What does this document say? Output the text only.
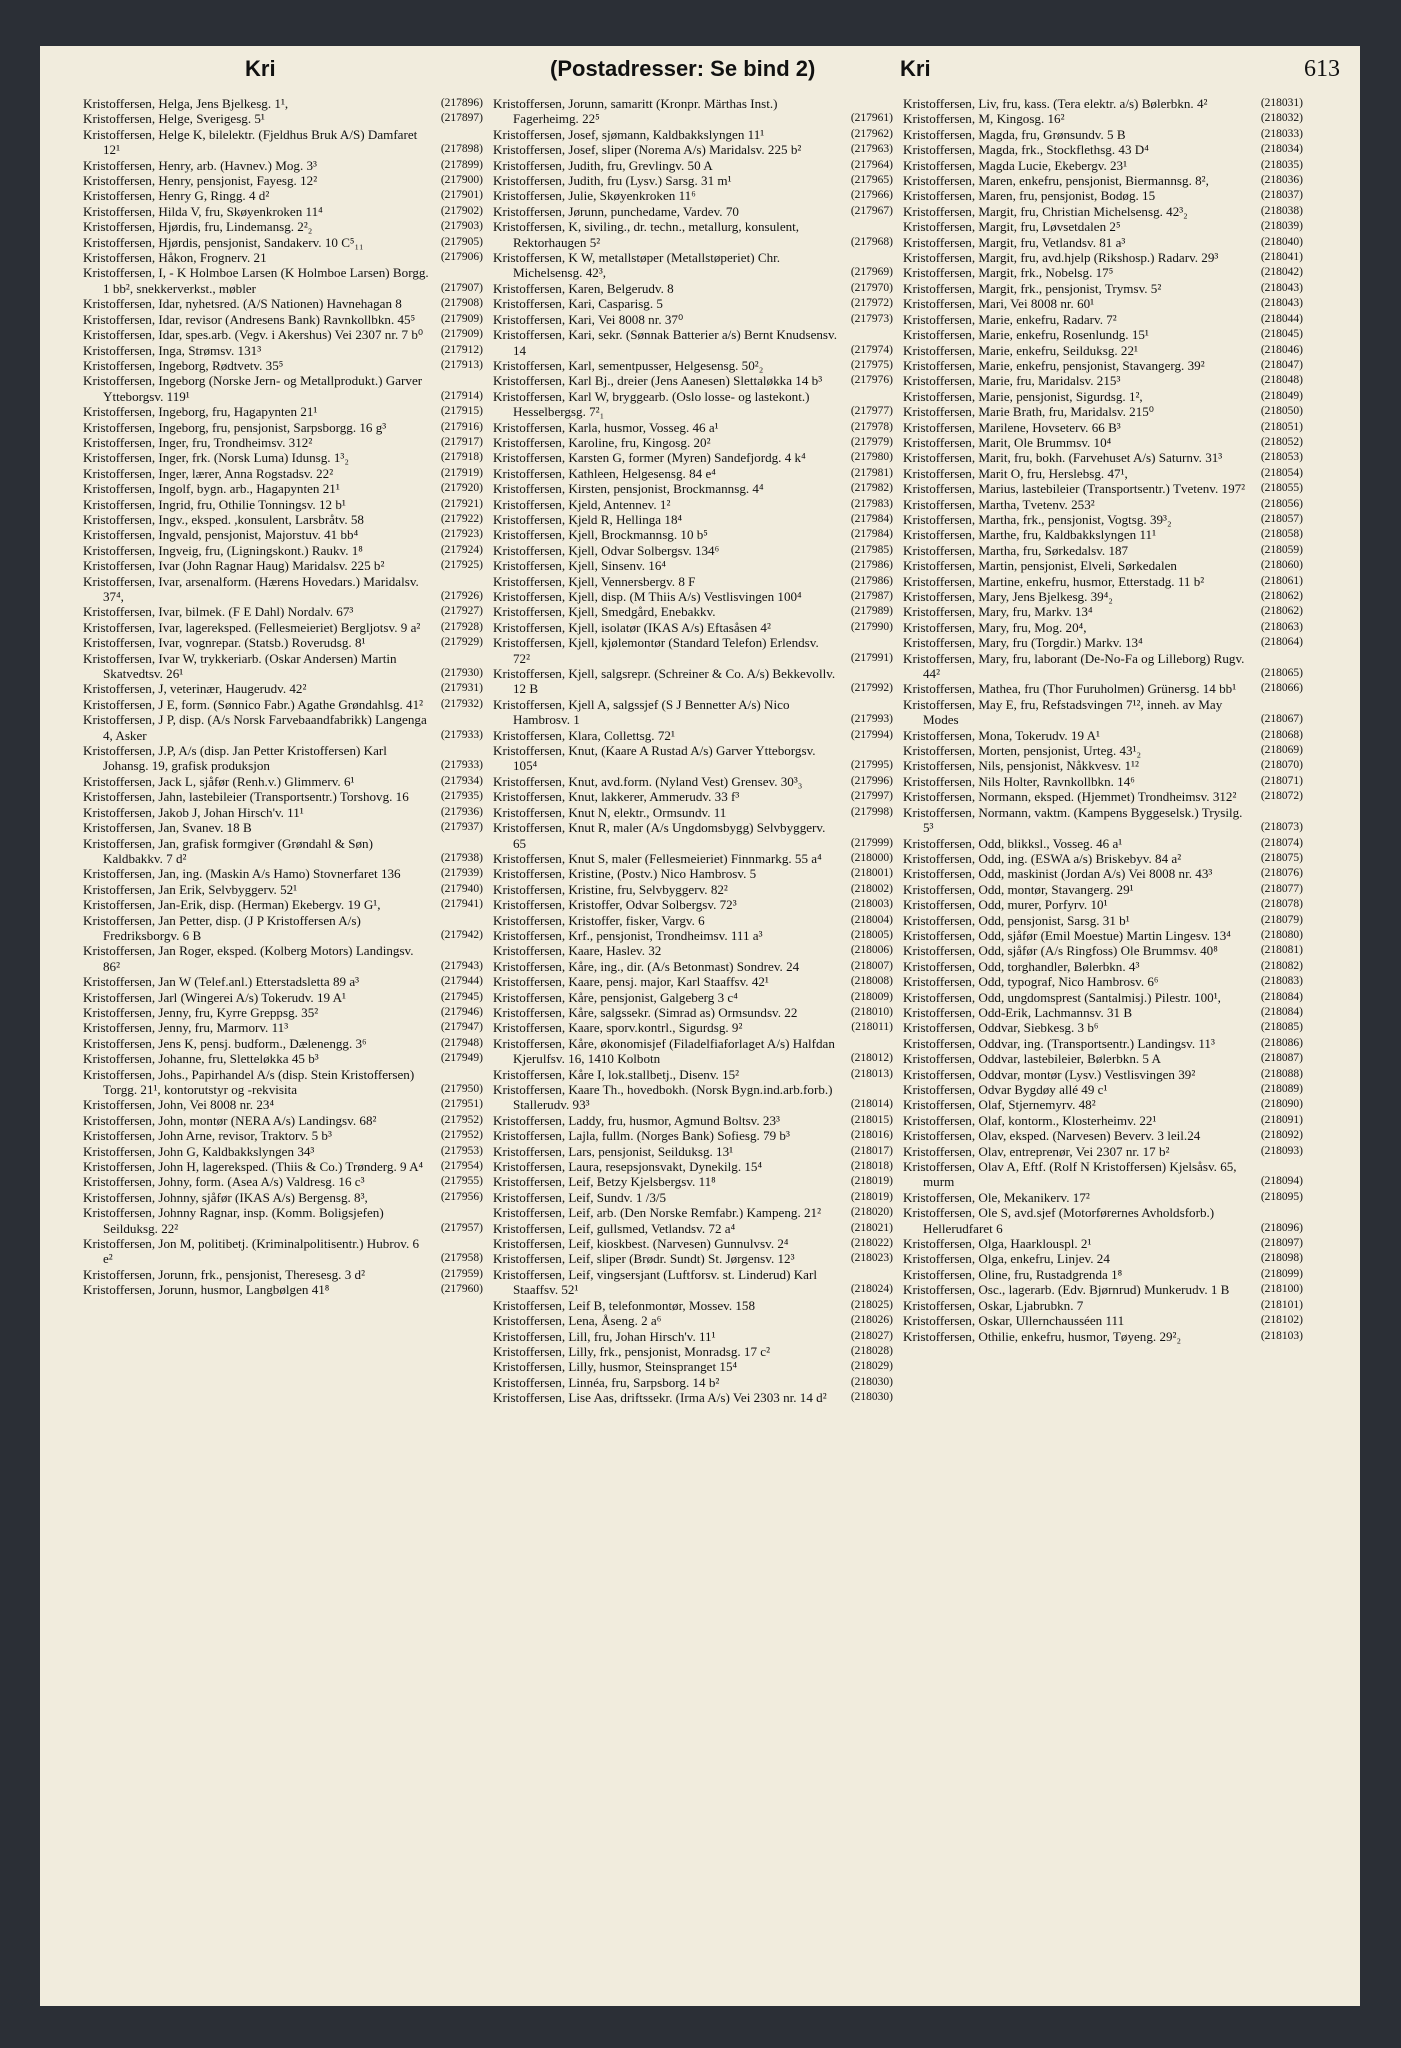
Kri	(Postadresser: Se bind 2)	Kri	613
Kristoffersen, Helga, Jens Bjelkesg. 1¹,	(217896)
Kristoffersen, Helge, Sverigesg. 5¹	(217897)
Kristoffersen, Helge K, bilelektr. (Fjeldhus Bruk A/S) Damfaret 12¹	(217898)
Kristoffersen, Henry, arb. (Havnev.) Mog. 3³	(217899)
Kristoffersen, Henry, pensjonist, Fayesg. 12²	(217900)
Kristoffersen, Henry G, Ringg. 4 d²	(217901)
Kristoffersen, Hilda V, fru, Skøyenkroken 11⁴	(217902)
Kristoffersen, Hjørdis, fru, Lindemansg. 2²₂	(217903)
Kristoffersen, Hjørdis, pensjonist, Sandakerv. 10 C⁵₁₁	(217905)
Kristoffersen, Håkon, Frognerv. 21	(217906)
Kristoffersen, I, - K Holmboe Larsen (K Holmboe Larsen) Borgg. 1 bb², snekkerverkst., møbler	(217907)
Kristoffersen, Idar, nyhetsred. (A/S Nationen) Havnehagan 8	(217908)
Kristoffersen, Idar, revisor (Andresens Bank) Ravnkollbkn. 45⁵	(217909)
Kristoffersen, Idar, spes.arb. (Vegv. i Akershus) Vei 2307 nr. 7 b⁰	(217909)
Kristoffersen, Inga, Strømsv. 131³	(217912)
Kristoffersen, Ingeborg, Rødtvetv. 35⁵	(217913)
Kristoffersen, Ingeborg (Norske Jern- og Metallprodukt.) Garver Ytteborgsv. 119¹	(217914)
Kristoffersen, Ingeborg, fru, Hagapynten 21¹	(217915)
Kristoffersen, Ingeborg, fru, pensjonist, Sarpsborgg. 16 g³	(217916)
Kristoffersen, Inger, fru, Trondheimsv. 312²	(217917)
Kristoffersen, Inger, frk. (Norsk Luma) Idunsg. 1³₂	(217918)
Kristoffersen, Inger, lærer, Anna Rogstadsv. 22²	(217919)
Kristoffersen, Ingolf, bygn. arb., Hagapynten 21¹	(217920)
Kristoffersen, Ingrid, fru, Othilie Tonningsv. 12 b¹	(217921)
Kristoffersen, Ingv., eksped. ,konsulent, Larsbråtv. 58	(217922)
Kristoffersen, Ingvald, pensjonist, Majorstuv. 41 bb⁴	(217923)
Kristoffersen, Ingveig, fru, (Ligningskont.) Raukv. 1⁸	(217924)
Kristoffersen, Ivar (John Ragnar Haug) Maridalsv. 225 b²	(217925)
Kristoffersen, Ivar, arsenalform. (Hærens Hovedars.) Maridalsv. 37⁴,	(217926)
Kristoffersen, Ivar, bilmek. (F E Dahl) Nordalv. 67³	(217927)
Kristoffersen, Ivar, lagereksped. (Fellesmeieriet) Bergljotsv. 9 a²	(217928)
Kristoffersen, Ivar, vognrepar. (Statsb.) Roverudsg. 8¹	(217929)
Kristoffersen, Ivar W, trykkeriarb. (Oskar Andersen) Martin Skatvedtsv. 26¹	(217930)
Kristoffersen, J, veterinær, Haugerudv. 42²	(217931)
Kristoffersen, J E, form. (Sønnico Fabr.) Agathe Grøndahlsg. 41²	(217932)
Kristoffersen, J P, disp. (A/s Norsk Farvebaandfabrikk) Langenga 4, Asker	(217933)
Kristoffersen, J.P, A/s (disp. Jan Petter Kristoffersen) Karl Johansg. 19, grafisk produksjon	(217933)
Kristoffersen, Jack L, sjåfør (Renh.v.) Glimmerv. 6¹	(217934)
Kristoffersen, Jahn, lastebileier (Transportsentr.) Torshovg. 16	(217935)
Kristoffersen, Jakob J, Johan Hirsch'v. 11¹	(217936)
Kristoffersen, Jan, Svanev. 18 B	(217937)
Kristoffersen, Jan, grafisk formgiver (Grøndahl & Søn) Kaldbakkv. 7 d²	(217938)
Kristoffersen, Jan, ing. (Maskin A/s Hamo) Stovnerfaret 136	(217939)
Kristoffersen, Jan Erik, Selvbyggerv. 52¹	(217940)
Kristoffersen, Jan-Erik, disp. (Herman) Ekebergv. 19 G¹,	(217941)
Kristoffersen, Jan Petter, disp. (J P Kristoffersen A/s) Fredriksborgv. 6 B	(217942)
Kristoffersen, Jan Roger, eksped. (Kolberg Motors) Landingsv. 86²	(217943)
Kristoffersen, Jan W (Telef.anl.) Etterstadsletta 89 a³	(217944)
Kristoffersen, Jarl (Wingerei A/s) Tokerudv. 19 A¹	(217945)
Kristoffersen, Jenny, fru, Kyrre Greppsg. 35²	(217946)
Kristoffersen, Jenny, fru, Marmorv. 11³	(217947)
Kristoffersen, Jens K, pensj. budform., Dælenengg. 3⁶	(217948)
Kristoffersen, Johanne, fru, Sletteløkka 45 b³	(217949)
Kristoffersen, Johs., Papirhandel A/s (disp. Stein Kristoffersen) Torgg. 21¹, kontorutstyr og -rekvisita	(217950)
Kristoffersen, John, Vei 8008 nr. 23⁴	(217951)
Kristoffersen, John, montør (NERA A/s) Landingsv. 68²	(217952)
Kristoffersen, John Arne, revisor, Traktorv. 5 b³	(217952)
Kristoffersen, John G, Kaldbakkslyngen 34³	(217953)
Kristoffersen, John H, lagereksped. (Thiis & Co.) Trønderg. 9 A⁴	(217954)
Kristoffersen, Johny, form. (Asea A/s) Valdresg. 16 c³	(217955)
Kristoffersen, Johnny, sjåfør (IKAS A/s) Bergensg. 8³,	(217956)
Kristoffersen, Johnny Ragnar, insp. (Komm. Boligsjefen) Seilduksg. 22²	(217957)
Kristoffersen, Jon M, politibetj. (Kriminalpolitisentr.) Hubrov. 6 e²	(217958)
Kristoffersen, Jorunn, frk., pensjonist, Theresesg. 3 d²	(217959)
Kristoffersen, Jorunn, husmor, Langbølgen 41⁸	(217960)
Kristoffersen, Jorunn, samaritt (Kronpr. Märthas Inst.) Fagerheimg. 22⁵	(217961)
Kristoffersen, Josef, sjømann, Kaldbakkslyngen 11¹	(217962)
Kristoffersen, Josef, sliper (Norema A/s) Maridalsv. 225 b²	(217963)
Kristoffersen, Judith, fru, Grevlingv. 50 A	(217964)
Kristoffersen, Judith, fru (Lysv.) Sarsg. 31 m¹	(217965)
Kristoffersen, Julie, Skøyenkroken 11⁶	(217966)
Kristoffersen, Jørunn, punchedame, Vardev. 70	(217967)
Kristoffersen, K, siviling., dr. techn., metallurg, konsulent, Rektorhaugen 5²	(217968)
Kristoffersen, K W, metallstøper (Metallstøperiet) Chr. Michelsensg. 42³,	(217969)
Kristoffersen, Karen, Belgerudv. 8	(217970)
Kristoffersen, Kari, Casparisg. 5	(217972)
Kristoffersen, Kari, Vei 8008 nr. 37⁰	(217973)
Kristoffersen, Kari, sekr. (Sønnak Batterier a/s) Bernt Knudsensv. 14	(217974)
Kristoffersen, Karl, sementpusser, Helgesensg. 50²₂	(217975)
Kristoffersen, Karl Bj., dreier (Jens Aanesen) Slettaløkka 14 b³	(217976)
Kristoffersen, Karl W, bryggearb. (Oslo losse- og lastekont.) Hesselbergsg. 7²₁	(217977)
Kristoffersen, Karla, husmor, Vosseg. 46 a¹	(217978)
Kristoffersen, Karoline, fru, Kingosg. 20²	(217979)
Kristoffersen, Karsten G, former (Myren) Sandefjordg. 4 k⁴	(217980)
Kristoffersen, Kathleen, Helgesensg. 84 e⁴	(217981)
Kristoffersen, Kirsten, pensjonist, Brockmannsg. 4⁴	(217982)
Kristoffersen, Kjeld, Antennev. 1²	(217983)
Kristoffersen, Kjeld R, Hellinga 18⁴	(217984)
Kristoffersen, Kjell, Brockmannsg. 10 b⁵	(217984)
Kristoffersen, Kjell, Odvar Solbergsv. 134⁶	(217985)
Kristoffersen, Kjell, Sinsenv. 16⁴	(217986)
Kristoffersen, Kjell, Vennersbergv. 8 F	(217986)
Kristoffersen, Kjell, disp. (M Thiis A/s) Vestlisvingen 100⁴	(217987)
Kristoffersen, Kjell, Smedgård, Enebakkv.	(217989)
Kristoffersen, Kjell, isolatør (IKAS A/s) Eftasåsen 4²	(217990)
Kristoffersen, Kjell, kjølemontør (Standard Telefon) Erlendsv. 72²	(217991)
Kristoffersen, Kjell, salgsrepr. (Schreiner & Co. A/s) Bekkevollv. 12 B	(217992)
Kristoffersen, Kjell A, salgssjef (S J Bennetter A/s) Nico Hambrosv. 1	(217993)
Kristoffersen, Klara, Collettsg. 72¹	(217994)
Kristoffersen, Knut, (Kaare A Rustad A/s) Garver Ytteborgsv. 105⁴	(217995)
Kristoffersen, Knut, avd.form. (Nyland Vest) Grensev. 30³₃	(217996)
Kristoffersen, Knut, lakkerer, Ammerudv. 33 f³	(217997)
Kristoffersen, Knut N, elektr., Ormsundv. 11	(217998)
Kristoffersen, Knut R, maler (A/s Ungdomsbygg) Selvbyggerv. 65	(217999)
Kristoffersen, Knut S, maler (Fellesmeieriet) Finnmarkg. 55 a⁴	(218000)
Kristoffersen, Kristine, (Postv.) Nico Hambrosv. 5	(218001)
Kristoffersen, Kristine, fru, Selvbyggerv. 82²	(218002)
Kristoffersen, Kristoffer, Odvar Solbergsv. 72³	(218003)
Kristoffersen, Kristoffer, fisker, Vargv. 6	(218004)
Kristoffersen, Krf., pensjonist, Trondheimsv. 111 a³	(218005)
Kristoffersen, Kaare, Haslev. 32	(218006)
Kristoffersen, Kåre, ing., dir. (A/s Betonmast) Sondrev. 24	(218007)
Kristoffersen, Kaare, pensj. major, Karl Staaffsv. 42¹	(218008)
Kristoffersen, Kåre, pensjonist, Galgeberg 3 c⁴	(218009)
Kristoffersen, Kåre, salgssekr. (Simrad as) Ormsundsv. 22	(218010)
Kristoffersen, Kaare, sporv.kontrl., Sigurdsg. 9²	(218011)
Kristoffersen, Kåre, økonomisjef (Filadelfiaforlaget A/s) Halfdan Kjerulfsv. 16, 1410 Kolbotn	(218012)
Kristoffersen, Kåre I, lok.stallbetj., Disenv. 15²	(218013)
Kristoffersen, Kaare Th., hovedbokh. (Norsk Bygn.ind.arb.forb.) Stallerudv. 93³	(218014)
Kristoffersen, Laddy, fru, husmor, Agmund Boltsv. 23³	(218015)
Kristoffersen, Lajla, fullm. (Norges Bank) Sofiesg. 79 b³	(218016)
Kristoffersen, Lars, pensjonist, Seilduksg. 13¹	(218017)
Kristoffersen, Laura, resepsjonsvakt, Dynekilg. 15⁴	(218018)
Kristoffersen, Leif, Betzy Kjelsbergsv. 11⁸	(218019)
Kristoffersen, Leif, Sundv. 1 /3/5	(218019)
Kristoffersen, Leif, arb. (Den Norske Remfabr.) Kampeng. 21²	(218020)
Kristoffersen, Leif, gullsmed, Vetlandsv. 72 a⁴	(218021)
Kristoffersen, Leif, kioskbest. (Narvesen) Gunnulvsv. 2⁴	(218022)
Kristoffersen, Leif, sliper (Brødr. Sundt) St. Jørgensv. 12³	(218023)
Kristoffersen, Leif, vingsersjant (Luftforsv. st. Linderud) Karl Staaffsv. 52¹	(218024)
Kristoffersen, Leif B, telefonmontør, Mossev. 158	(218025)
Kristoffersen, Lena, Åseng. 2 a⁶	(218026)
Kristoffersen, Lill, fru, Johan Hirsch'v. 11¹	(218027)
Kristoffersen, Lilly, frk., pensjonist, Monradsg. 17 c²	(218028)
Kristoffersen, Lilly, husmor, Steinspranget 15⁴	(218029)
Kristoffersen, Linnéa, fru, Sarpsborg. 14 b²	(218030)
Kristoffersen, Lise Aas, driftssekr. (Irma A/s) Vei 2303 nr. 14 d²	(218030)
Kristoffersen, Liv, fru, kass. (Tera elektr. a/s) Bølerbkn. 4²	(218031)
Kristoffersen, M, Kingosg. 16²	(218032)
Kristoffersen, Magda, fru, Grønsundv. 5 B	(218033)
Kristoffersen, Magda, frk., Stockflethsg. 43 D⁴	(218034)
Kristoffersen, Magda Lucie, Ekebergv. 23¹	(218035)
Kristoffersen, Maren, enkefru, pensjonist, Biermannsg. 8²,	(218036)
Kristoffersen, Maren, fru, pensjonist, Bodøg. 15	(218037)
Kristoffersen, Margit, fru, Christian Michelsensg. 42³₂	(218038)
Kristoffersen, Margit, fru, Løvsetdalen 2⁵	(218039)
Kristoffersen, Margit, fru, Vetlandsv. 81 a³	(218040)
Kristoffersen, Margit, fru, avd.hjelp (Rikshosp.) Radarv. 29³	(218041)
Kristoffersen, Margit, frk., Nobelsg. 17⁵	(218042)
Kristoffersen, Margit, frk., pensjonist, Trymsv. 5²	(218043)
Kristoffersen, Mari, Vei 8008 nr. 60¹	(218043)
Kristoffersen, Marie, enkefru, Radarv. 7²	(218044)
Kristoffersen, Marie, enkefru, Rosenlundg. 15¹	(218045)
Kristoffersen, Marie, enkefru, Seilduksg. 22¹	(218046)
Kristoffersen, Marie, enkefru, pensjonist, Stavangerg. 39²	(218047)
Kristoffersen, Marie, fru, Maridalsv. 215³	(218048)
Kristoffersen, Marie, pensjonist, Sigurdsg. 1²,	(218049)
Kristoffersen, Marie Brath, fru, Maridalsv. 215⁰	(218050)
Kristoffersen, Marilene, Hovseterv. 66 B³	(218051)
Kristoffersen, Marit, Ole Brummsv. 10⁴	(218052)
Kristoffersen, Marit, fru, bokh. (Farvehuset A/s) Saturnv. 31³	(218053)
Kristoffersen, Marit O, fru, Herslebsg. 47¹,	(218054)
Kristoffersen, Marius, lastebileier (Transportsentr.) Tvetenv. 197²	(218055)
Kristoffersen, Martha, Tvetenv. 253²	(218056)
Kristoffersen, Martha, frk., pensjonist, Vogtsg. 39³₂	(218057)
Kristoffersen, Marthe, fru, Kaldbakkslyngen 11¹	(218058)
Kristoffersen, Martha, fru, Sørkedalsv. 187	(218059)
Kristoffersen, Martin, pensjonist, Elveli, Sørkedalen	(218060)
Kristoffersen, Martine, enkefru, husmor, Etterstadg. 11 b²	(218061)
Kristoffersen, Mary, Jens Bjelkesg. 39⁴₂	(218062)
Kristoffersen, Mary, fru, Markv. 13⁴	(218062)
Kristoffersen, Mary, fru, Mog. 20⁴,	(218063)
Kristoffersen, Mary, fru (Torgdir.) Markv. 13⁴	(218064)
Kristoffersen, Mary, fru, laborant (De-No-Fa og Lilleborg) Rugv. 44²	(218065)
Kristoffersen, Mathea, fru (Thor Furuholmen) Grünersg. 14 bb¹	(218066)
Kristoffersen, May E, fru, Refstadsvingen 7¹², inneh. av May Modes	(218067)
Kristoffersen, Mona, Tokerudv. 19 A¹	(218068)
Kristoffersen, Morten, pensjonist, Urteg. 43¹₂	(218069)
Kristoffersen, Nils, pensjonist, Nåkkvesv. 1¹²	(218070)
Kristoffersen, Nils Holter, Ravnkollbkn. 14⁶	(218071)
Kristoffersen, Normann, eksped. (Hjemmet) Trondheimsv. 312²	(218072)
Kristoffersen, Normann, vaktm. (Kampens Byggeselsk.) Trysilg. 5³	(218073)
Kristoffersen, Odd, blikksl., Vosseg. 46 a¹	(218074)
Kristoffersen, Odd, ing. (ESWA a/s) Briskebyv. 84 a²	(218075)
Kristoffersen, Odd, maskinist (Jordan A/s) Vei 8008 nr. 43³	(218076)
Kristoffersen, Odd, montør, Stavangerg. 29¹	(218077)
Kristoffersen, Odd, murer, Porfyrv. 10¹	(218078)
Kristoffersen, Odd, pensjonist, Sarsg. 31 b¹	(218079)
Kristoffersen, Odd, sjåfør (Emil Moestue) Martin Lingesv. 13⁴	(218080)
Kristoffersen, Odd, sjåfør (A/s Ringfoss) Ole Brummsv. 40⁸	(218081)
Kristoffersen, Odd, torghandler, Bølerbkn. 4³	(218082)
Kristoffersen, Odd, typograf, Nico Hambrosv. 6⁶	(218083)
Kristoffersen, Odd, ungdomsprest (Santalmisj.) Pilestr. 100¹,	(218084)
Kristoffersen, Odd-Erik, Lachmannsv. 31 B	(218084)
Kristoffersen, Oddvar, Siebkesg. 3 b⁶	(218085)
Kristoffersen, Oddvar, ing. (Transportsentr.) Landingsv. 11³	(218086)
Kristoffersen, Oddvar, lastebileier, Bølerbkn. 5 A	(218087)
Kristoffersen, Oddvar, montør (Lysv.) Vestlisvingen 39²	(218088)
Kristoffersen, Odvar Bygdøy allé 49 c¹	(218089)
Kristoffersen, Olaf, Stjernemyrv. 48²	(218090)
Kristoffersen, Olaf, kontorm., Klosterheimv. 22¹	(218091)
Kristoffersen, Olav, eksped. (Narvesen) Beverv. 3 leil.24	(218092)
Kristoffersen, Olav, entreprenør, Vei 2307 nr. 17 b²	(218093)
Kristoffersen, Olav A, Eftf. (Rolf N Kristoffersen) Kjelsåsv. 65, murm	(218094)
Kristoffersen, Ole, Mekanikerv. 17²	(218095)
Kristoffersen, Ole S, avd.sjef (Motorførernes Avholdsforb.) Hellerudfaret 6	(218096)
Kristoffersen, Olga, Haarklouspl. 2¹	(218097)
Kristoffersen, Olga, enkefru, Linjev. 24	(218098)
Kristoffersen, Oline, fru, Rustadgrenda 1⁸	(218099)
Kristoffersen, Osc., lagerarb. (Edv. Bjørnrud) Munkerudv. 1 B	(218100)
Kristoffersen, Oskar, Ljabrubkn. 7	(218101)
Kristoffersen, Oskar, Ullernchausséen 111	(218102)
Kristoffersen, Othilie, enkefru, husmor, Tøyeng. 29²₂	(218103)
